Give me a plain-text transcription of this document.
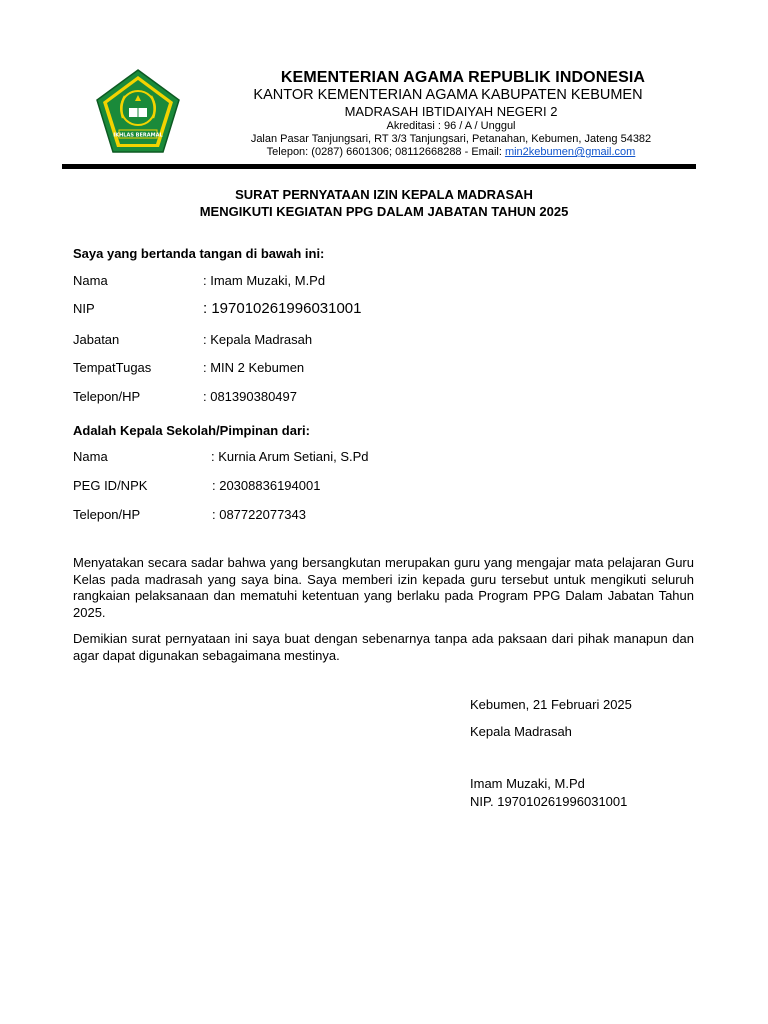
IKHLAS BERAMAL
KEMENTERIAN AGAMA REPUBLIK INDONESIA
KANTOR KEMENTERIAN AGAMA KABUPATEN KEBUMEN
MADRASAH IBTIDAIYAH NEGERI 2
Akreditasi : 96 / A / Unggul
Jalan Pasar Tanjungsari, RT 3/3 Tanjungsari, Petanahan, Kebumen, Jateng 54382
Telepon: (0287) 6601306; 08112668288 - Email: min2kebumen@gmail.com
SURAT PERNYATAAN IZIN KEPALA MADRASAH
MENGIKUTI KEGIATAN PPG DALAM JABATAN TAHUN 2025
Saya yang bertanda tangan di bawah ini:
Nama	: Imam Muzaki, M.Pd
NIP	: 197010261996031001
Jabatan	: Kepala Madrasah
TempatTugas	: MIN 2 Kebumen
Telepon/HP	: 081390380497
Adalah Kepala Sekolah/Pimpinan dari:
Nama	: Kurnia Arum Setiani, S.Pd
PEG ID/NPK	: 20308836194001
Telepon/HP	: 087722077343
Menyatakan secara sadar bahwa yang bersangkutan merupakan guru yang mengajar mata pelajaran Guru Kelas pada madrasah yang saya bina. Saya memberi izin kepada guru tersebut untuk mengikuti seluruh rangkaian pelaksanaan dan mematuhi ketentuan yang berlaku pada Program PPG Dalam Jabatan Tahun 2025.
Demikian surat pernyataan ini saya buat dengan sebenarnya tanpa ada paksaan dari pihak manapun dan agar dapat digunakan sebagaimana mestinya.
Kebumen, 21 Februari 2025
Kepala Madrasah
Imam Muzaki, M.Pd
NIP. 197010261996031001
